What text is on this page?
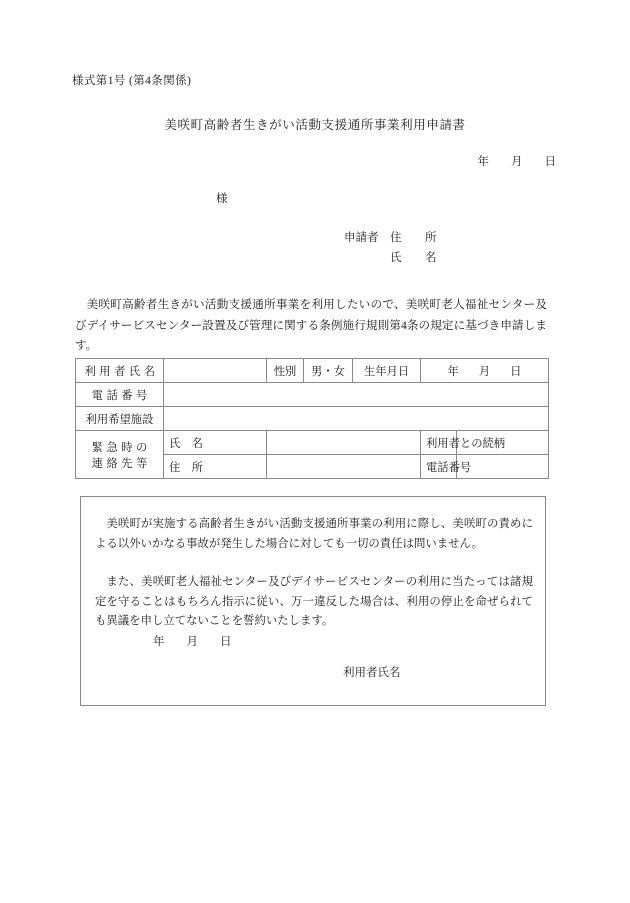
様式第1号 (第4条関係)
美咲町高齢者生きがい活動支援通所事業利用申請書
年 月 日
様
申請者 住　所
氏　名
美咲町高齢者生きがい活動支援通所事業を利用したいので、美咲町老人福祉センター及びデイサービスセンター設置及び管理に関する条例施行規則第4条の規定に基づき申請します。
利用者氏名		性別	男・女	生年月日	年 月 日	
電話番号						
利用希望施設						

緊急時の
連絡先等	氏　名				利用者との続柄	
	住　所				電話番号	
美咲町が実施する高齢者生きがい活動支援通所事業の利用に際し、美咲町の責めによる以外いかなる事故が発生した場合に対しても一切の責任は問いません。
また、美咲町老人福祉センター及びデイサービスセンターの利用に当たっては諸規定を守ることはもちろん指示に従い、万一違反した場合は、利用の停止を命ぜられても異議を申し立てないことを誓約いたします。
年 月 日
利用者氏名
